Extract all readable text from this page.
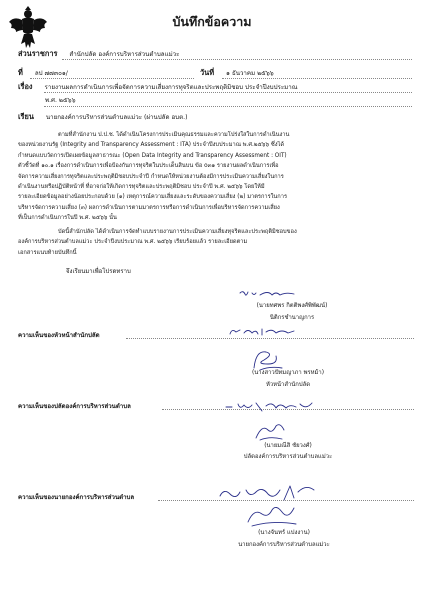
บันทึกข้อความ
ส่วนราชการ สำนักปลัด องค์การบริหารส่วนตำบลแม่วะ
ที่ ลป ๗๗๓๐๑/	วันที่ ๑ ธันวาคม ๒๕๖๖
เรื่อง รายงานผลการดำเนินการเพื่อจัดการความเสี่ยงการทุจริตและประพฤติมิชอบ ประจำปีงบประมาณ
พ.ศ. ๒๕๖๖
เรียน นายกองค์การบริหารส่วนตำบลแม่วะ (ผ่านปลัด อบต.)

ตามที่สำนักงาน ป.ป.ช. ได้ดำเนินโครงการประเมินคุณธรรมและความโปร่งใสในการดำเนินงาน

ของหน่วยงานรัฐ (Integrity and Transparency Assessment : ITA) ประจำปีงบประมาณ พ.ศ.๒๕๖๖ ซึ่งได้

กำหนดแบบวัดการเปิดเผยข้อมูลสาธารณะ (Open Data Integrity and Transparency Assessment : OIT)

ตัวชี้วัดที่ ๑๐.๑ เรื่องการดำเนินการเพื่อป้องกันการทุจริตในประเด็นสินบน ข้อ o๓๑ รายงานผลดำเนินการเพื่อ

จัดการความเสี่ยงการทุจริตและประพฤติมิชอบประจำปี กำหนดให้หน่วยงานต้องมีการประเมินความเสี่ยงในการ

ดำเนินงานหรือปฏิบัติหน้าที่ ที่อาจก่อให้เกิดการทุจริตและประพฤติมิชอบ ประจำปี พ.ศ. ๒๕๖๖ โดยให้มี

รายละเอียดข้อมูลอย่างน้อยประกอบด้วย (๑) เหตุการณ์ความเสี่ยงและระดับของความเสี่ยง (๒) มาตรการในการ

บริหารจัดการความเสี่ยง (๓) ผลการดำเนินการตามมาตรการหรือการดำเนินการเพื่อบริหารจัดการความเสี่ยง

ที่เป็นการดำเนินการในปี พ.ศ. ๒๕๖๖ นั้น

บัดนี้สำนักปลัด ได้ดำเนินการจัดทำแบบรายงานการประเมินความเสี่ยงทุจริตและประพฤติมิชอบของ

องค์การบริหารส่วนตำบลแม่วะ ประจำปีงบประมาณ พ.ศ. ๒๕๖๖ เรียบร้อยแล้ว รายละเอียดตาม

เอกสารแนบท้ายบันทึกนี้

จึงเรียนมาเพื่อโปรดทราบ
(นายทศพร กิตติพงศ์พิพัฒน์)
นิติกรชำนาญการ
ความเห็นของหัวหน้าสำนักปลัด
(นางสาวปัทมญาภา พรหม้า)
หัวหน้าสำนักปลัด
ความเห็นของปลัดองค์การบริหารส่วนตำบล
(นายมณีสิ ชัยวงศ์)
ปลัดองค์การบริหารส่วนตำบลแม่วะ
ความเห็นของนายกองค์การบริหารส่วนตำบล
(นางจันทร์ แปงงาน)
นายกองค์การบริหารส่วนตำบลแม่วะ
